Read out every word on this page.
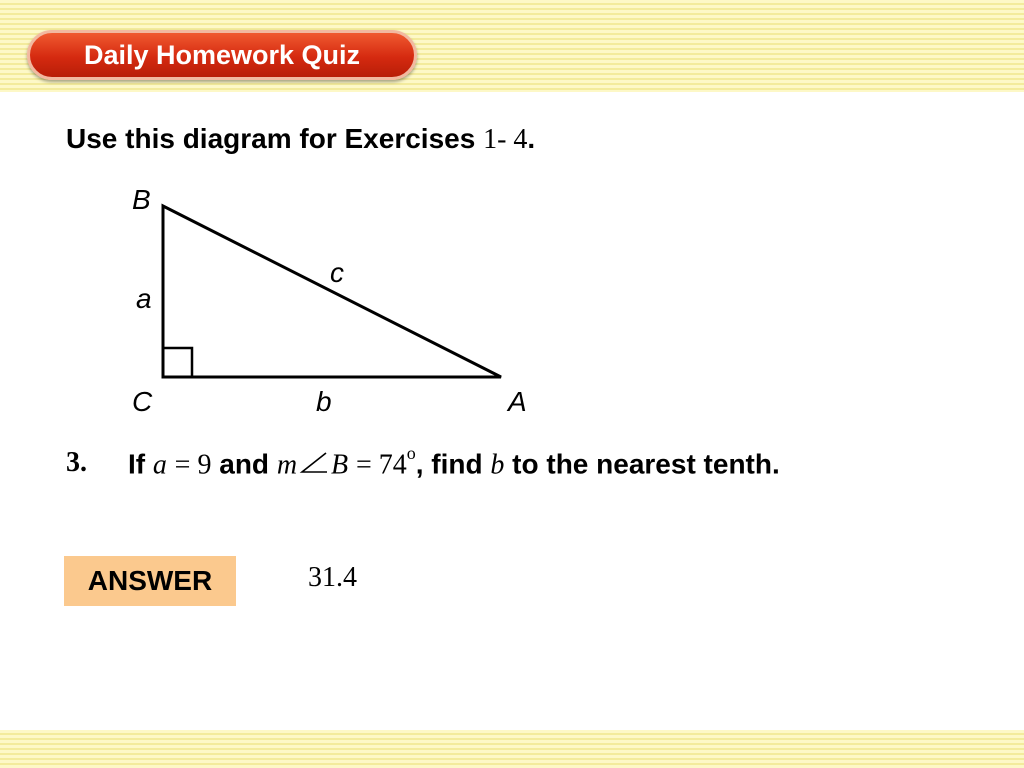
Daily Homework Quiz
Use this diagram for Exercises 1- 4.
B
C	A
a
b
c
3. If a = 9 and m $B = 74^o$, find b to the nearest tenth.
ANSWER	31.4
